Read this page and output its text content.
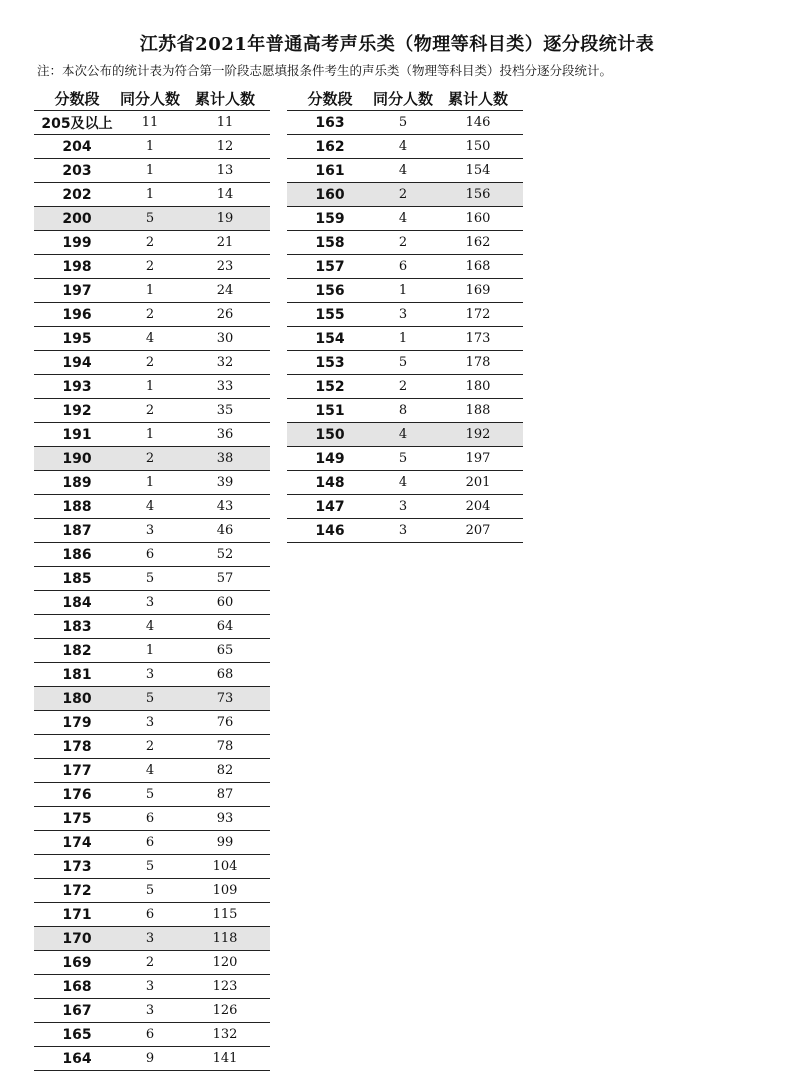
江苏省2021年普通高考声乐类（物理等科目类）逐分段统计表
注：本次公布的统计表为符合第一阶段志愿填报条件考生的声乐类（物理等科目类）投档分逐分段统计。
分数段	同分人数	累计人数
205及以上	11	11
204	1	12
203	1	13
202	1	14
200	5	19
199	2	21
198	2	23
197	1	24
196	2	26
195	4	30
194	2	32
193	1	33
192	2	35
191	1	36
190	2	38
189	1	39
188	4	43
187	3	46
186	6	52
185	5	57
184	3	60
183	4	64
182	1	65
181	3	68
180	5	73
179	3	76
178	2	78
177	4	82
176	5	87
175	6	93
174	6	99
173	5	104
172	5	109
171	6	115
170	3	118
169	2	120
168	3	123
167	3	126
165	6	132
164	9	141
分数段	同分人数	累计人数
163	5	146
162	4	150
161	4	154
160	2	156
159	4	160
158	2	162
157	6	168
156	1	169
155	3	172
154	1	173
153	5	178
152	2	180
151	8	188
150	4	192
149	5	197
148	4	201
147	3	204
146	3	207
